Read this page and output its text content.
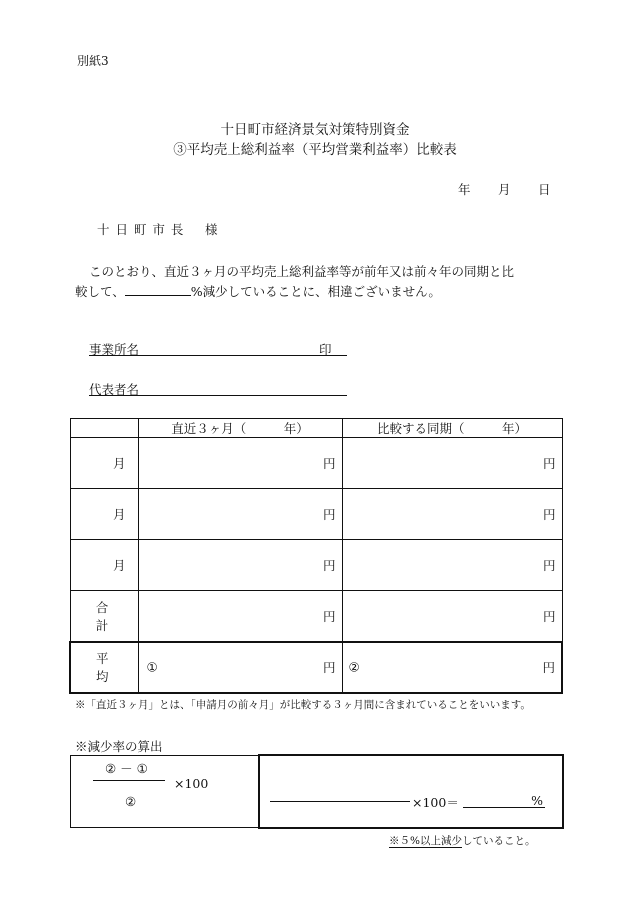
別紙3
十日町市経済景気対策特別資金
③平均売上総利益率（平均営業利益率）比較表
年 月 日
十 日 町 市 長 様
このとおり、直近３ヶ月の平均売上総利益率等が前年又は前々年の同期と比
較して、	%減少していることに、相違ございません。
事業所名	印
代表者名
	直近３ヶ月（　　　年）	比較する同期（　　　年）

月	円	円

月	円	円

月	円	円

合　計	円	円

平　均	① 円	② 円
※「直近３ヶ月」とは、「申請月の前々月」が比較する３ヶ月間に含まれていることをいいます。
※減少率の算出
② － ①
×100
②	×100＝	%
※５%以上減少していること。
